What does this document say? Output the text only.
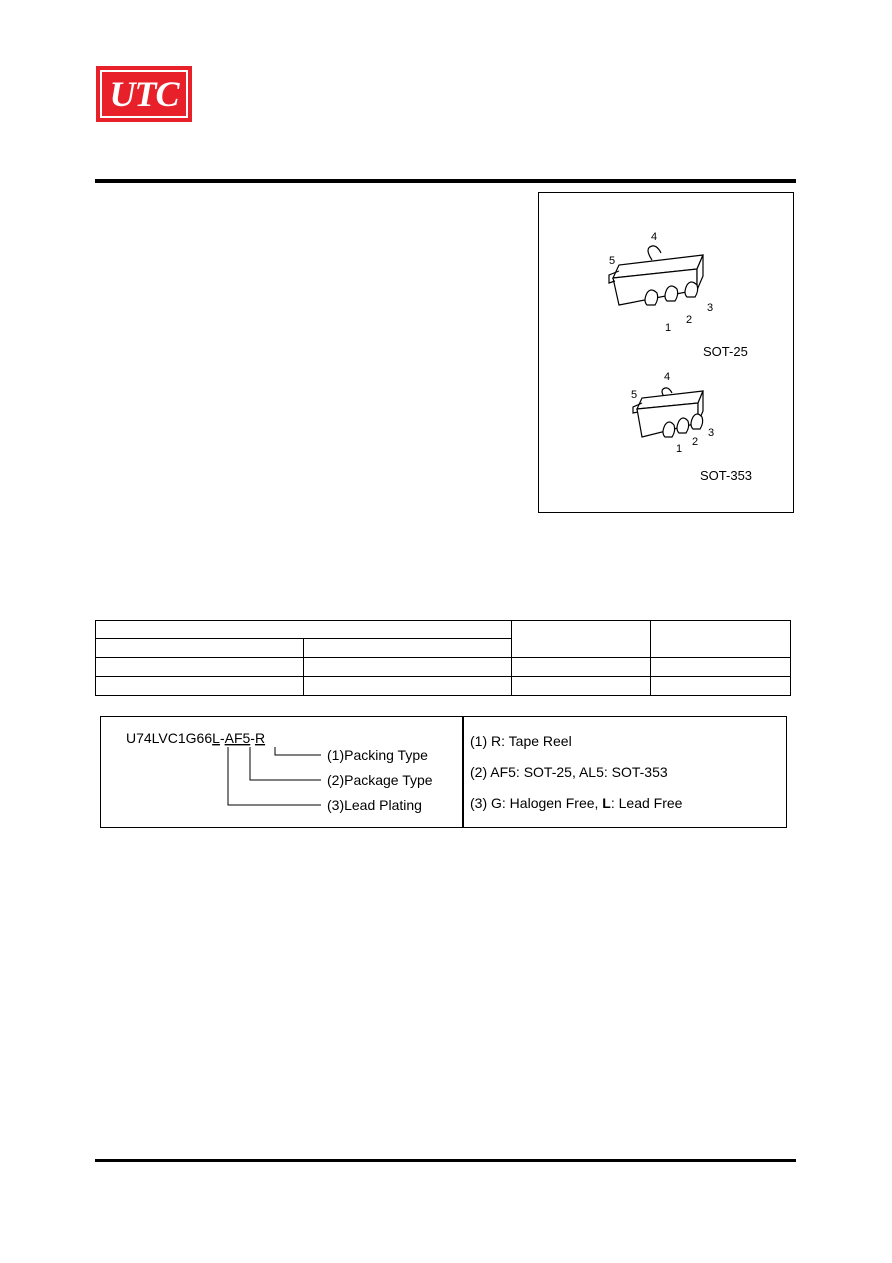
UTC
4
5
1
2
3
SOT-25
4
5
1
2
3
SOT-353

U74LVC1G66L-AF5-R
(1)Packing Type
(2)Package Type
(3)Lead Plating
(1) R: Tape Reel
(2) AF5: SOT-25, AL5: SOT-353
(3) G: Halogen Free, L: Lead Free
